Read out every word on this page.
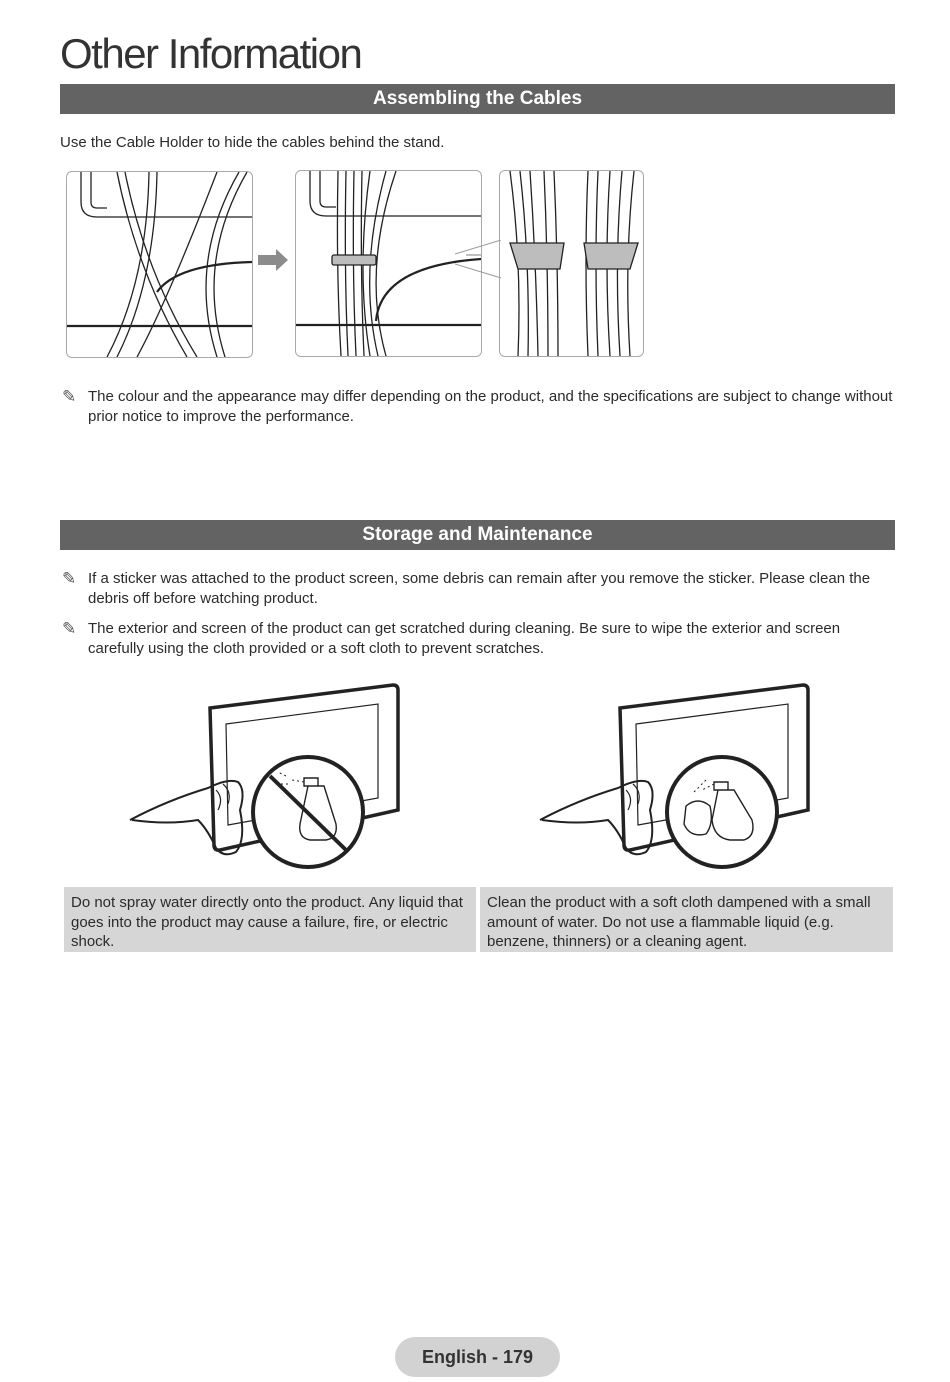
Other Information
Assembling the Cables
Use the Cable Holder to hide the cables behind the stand.
✎ The colour and the appearance may differ depending on the product, and the specifications are subject to change without prior notice to improve the performance.
Storage and Maintenance
✎ If a sticker was attached to the product screen, some debris can remain after you remove the sticker. Please clean the debris off before watching product.
✎ The exterior and screen of the product can get scratched during cleaning. Be sure to wipe the exterior and screen carefully using the cloth provided or a soft cloth to prevent scratches.
Do not spray water directly onto the product. Any liquid that goes into the product may cause a failure, fire, or electric shock.
Clean the product with a soft cloth dampened with a small amount of water. Do not use a flammable liquid (e.g. benzene, thinners) or a cleaning agent.
English - 179
